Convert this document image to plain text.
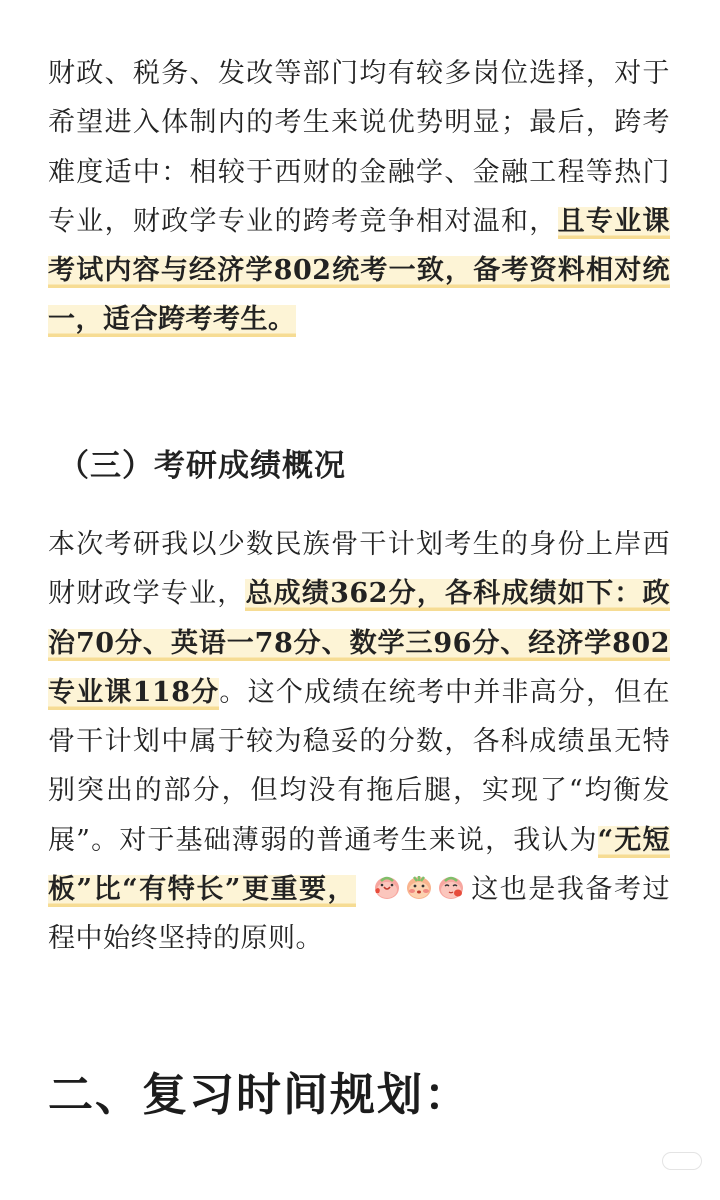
财政、税务、发改等部门均有较多岗位选择，对于希望进入体制内的考生来说优势明显；最后，跨考难度适中：相较于西财的金融学、金融工程等热门专业，财政学专业的跨考竞争相对温和，且专业课考试内容与经济学802统考一致，备考资料相对统一，适合跨考考生。
（三）考研成绩概况
本次考研我以少数民族骨干计划考生的身份上岸西财财政学专业，总成绩362分，各科成绩如下：政治70分、英语一78分、数学三96分、经济学802专业课118分。这个成绩在统考中并非高分，但在骨干计划中属于较为稳妥的分数，各科成绩虽无特别突出的部分，但均没有拖后腿，实现了“均衡发展”。对于基础薄弱的普通考生来说，我认为“无短板”比“有特长”更重要，	这也是我备考过程中始终坚持的原则。
二、复习时间规划：
